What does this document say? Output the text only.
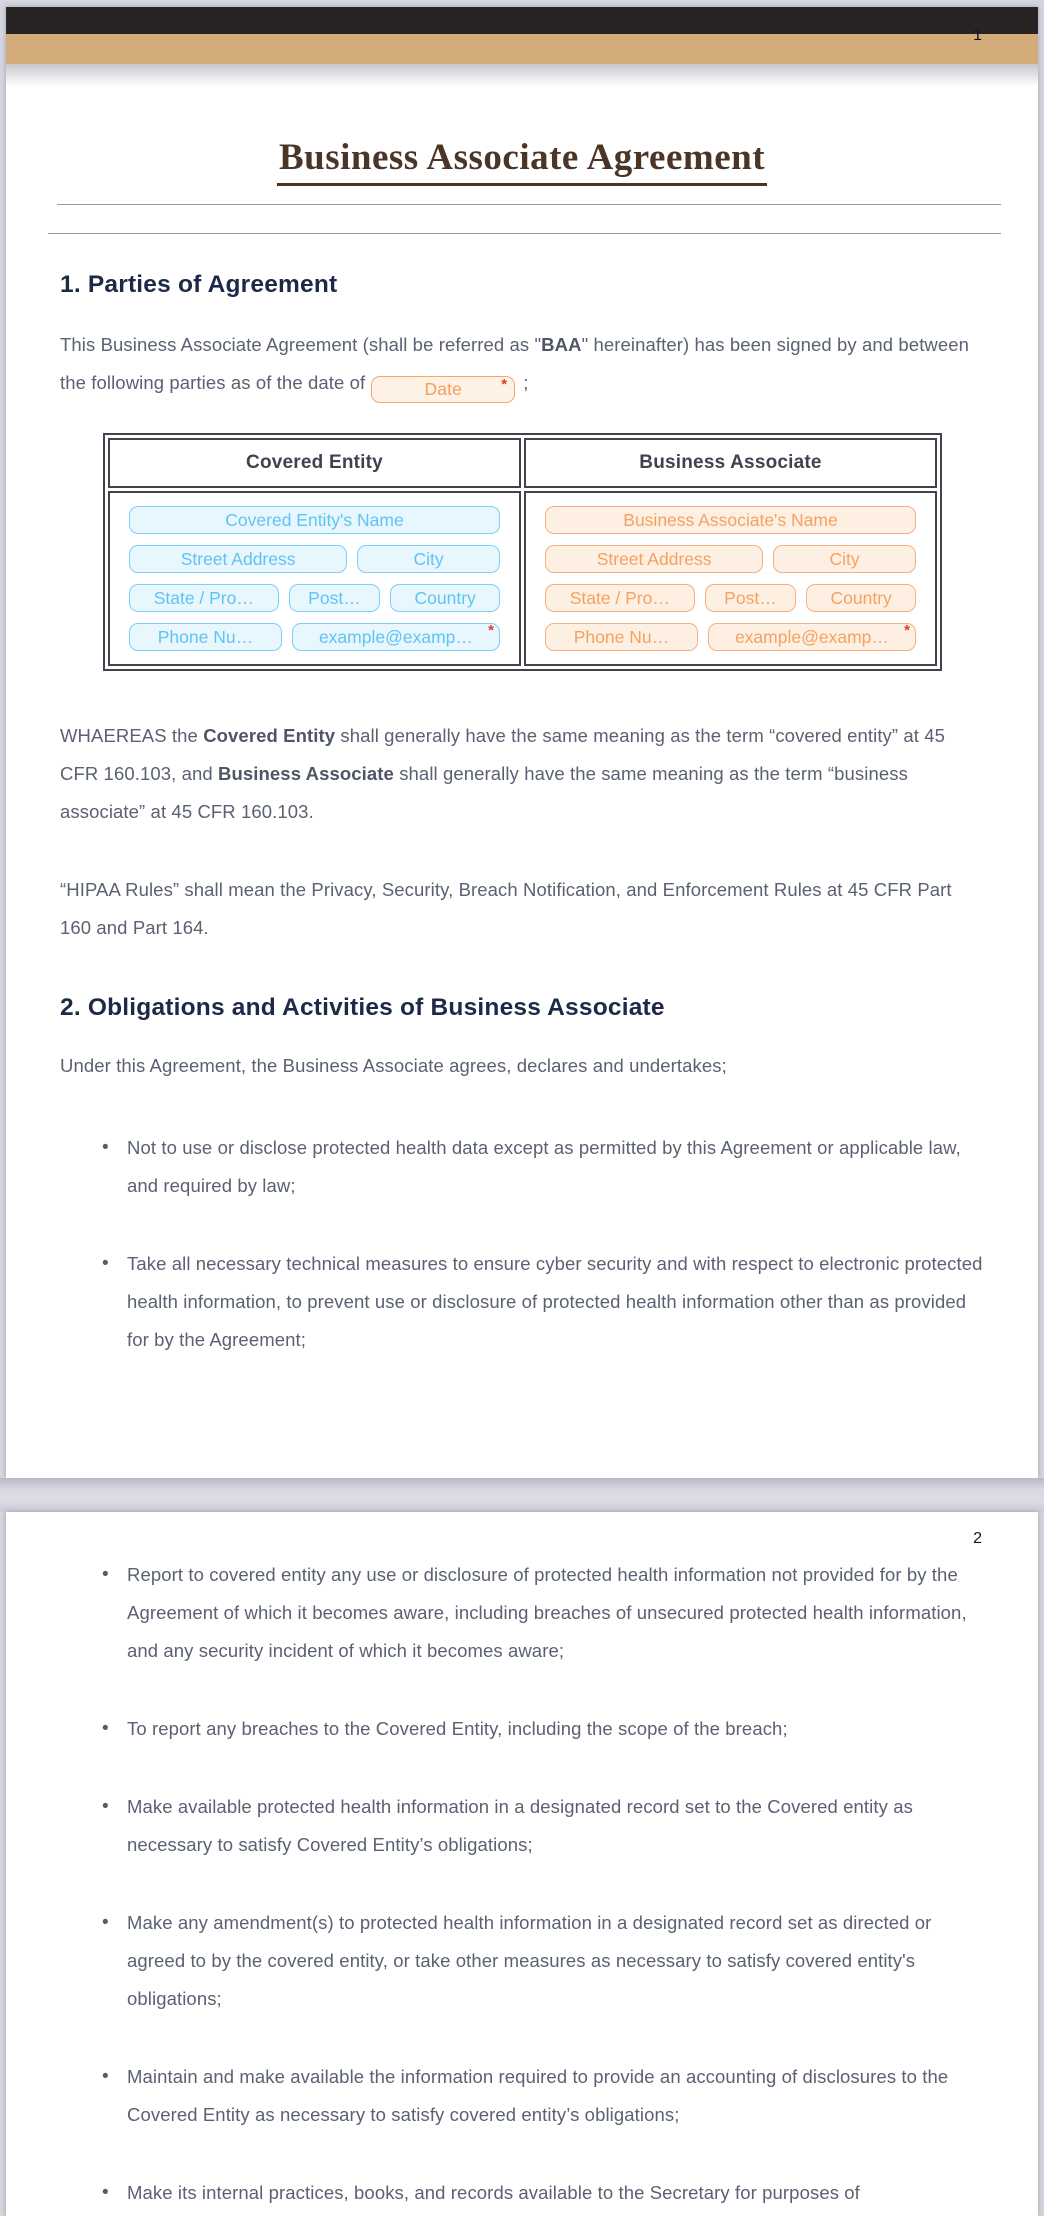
1
Business Associate Agreement
1. Parties of Agreement

This Business Associate Agreement (shall be referred as "BAA" hereinafter) has been signed by and between the following parties as of the date of	Date	* ;

Covered Entity	Business Associate

Covered Entity's Name
Street Address	City
State / Pro…	Post…	Country
Phone Nu…	example@examp… *

Business Associate's Name
Street Address	City
State / Pro…	Post…	Country
Phone Nu…	example@examp… *

WHAEREAS the Covered Entity shall generally have the same meaning as the term “covered entity” at 45 CFR 160.103, and Business Associate shall generally have the same meaning as the term “business associate” at 45 CFR 160.103.

“HIPAA Rules” shall mean the Privacy, Security, Breach Notification, and Enforcement Rules at 45 CFR Part 160 and Part 164.

2. Obligations and Activities of Business Associate

Under this Agreement, the Business Associate agrees, declares and undertakes;

• Not to use or disclose protected health data except as permitted by this Agreement or applicable law, and required by law;
• Take all necessary technical measures to ensure cyber security and with respect to electronic protected health information, to prevent use or disclosure of protected health information other than as provided for by the Agreement;
2
• Report to covered entity any use or disclosure of protected health information not provided for by the Agreement of which it becomes aware, including breaches of unsecured protected health information, and any security incident of which it becomes aware;
• To report any breaches to the Covered Entity, including the scope of the breach;
• Make available protected health information in a designated record set to the Covered entity as necessary to satisfy Covered Entity’s obligations;
• Make any amendment(s) to protected health information in a designated record set as directed or agreed to by the covered entity, or take other measures as necessary to satisfy covered entity's obligations;
• Maintain and make available the information required to provide an accounting of disclosures to the Covered Entity as necessary to satisfy covered entity’s obligations;
• Make its internal practices, books, and records available to the Secretary for purposes of
